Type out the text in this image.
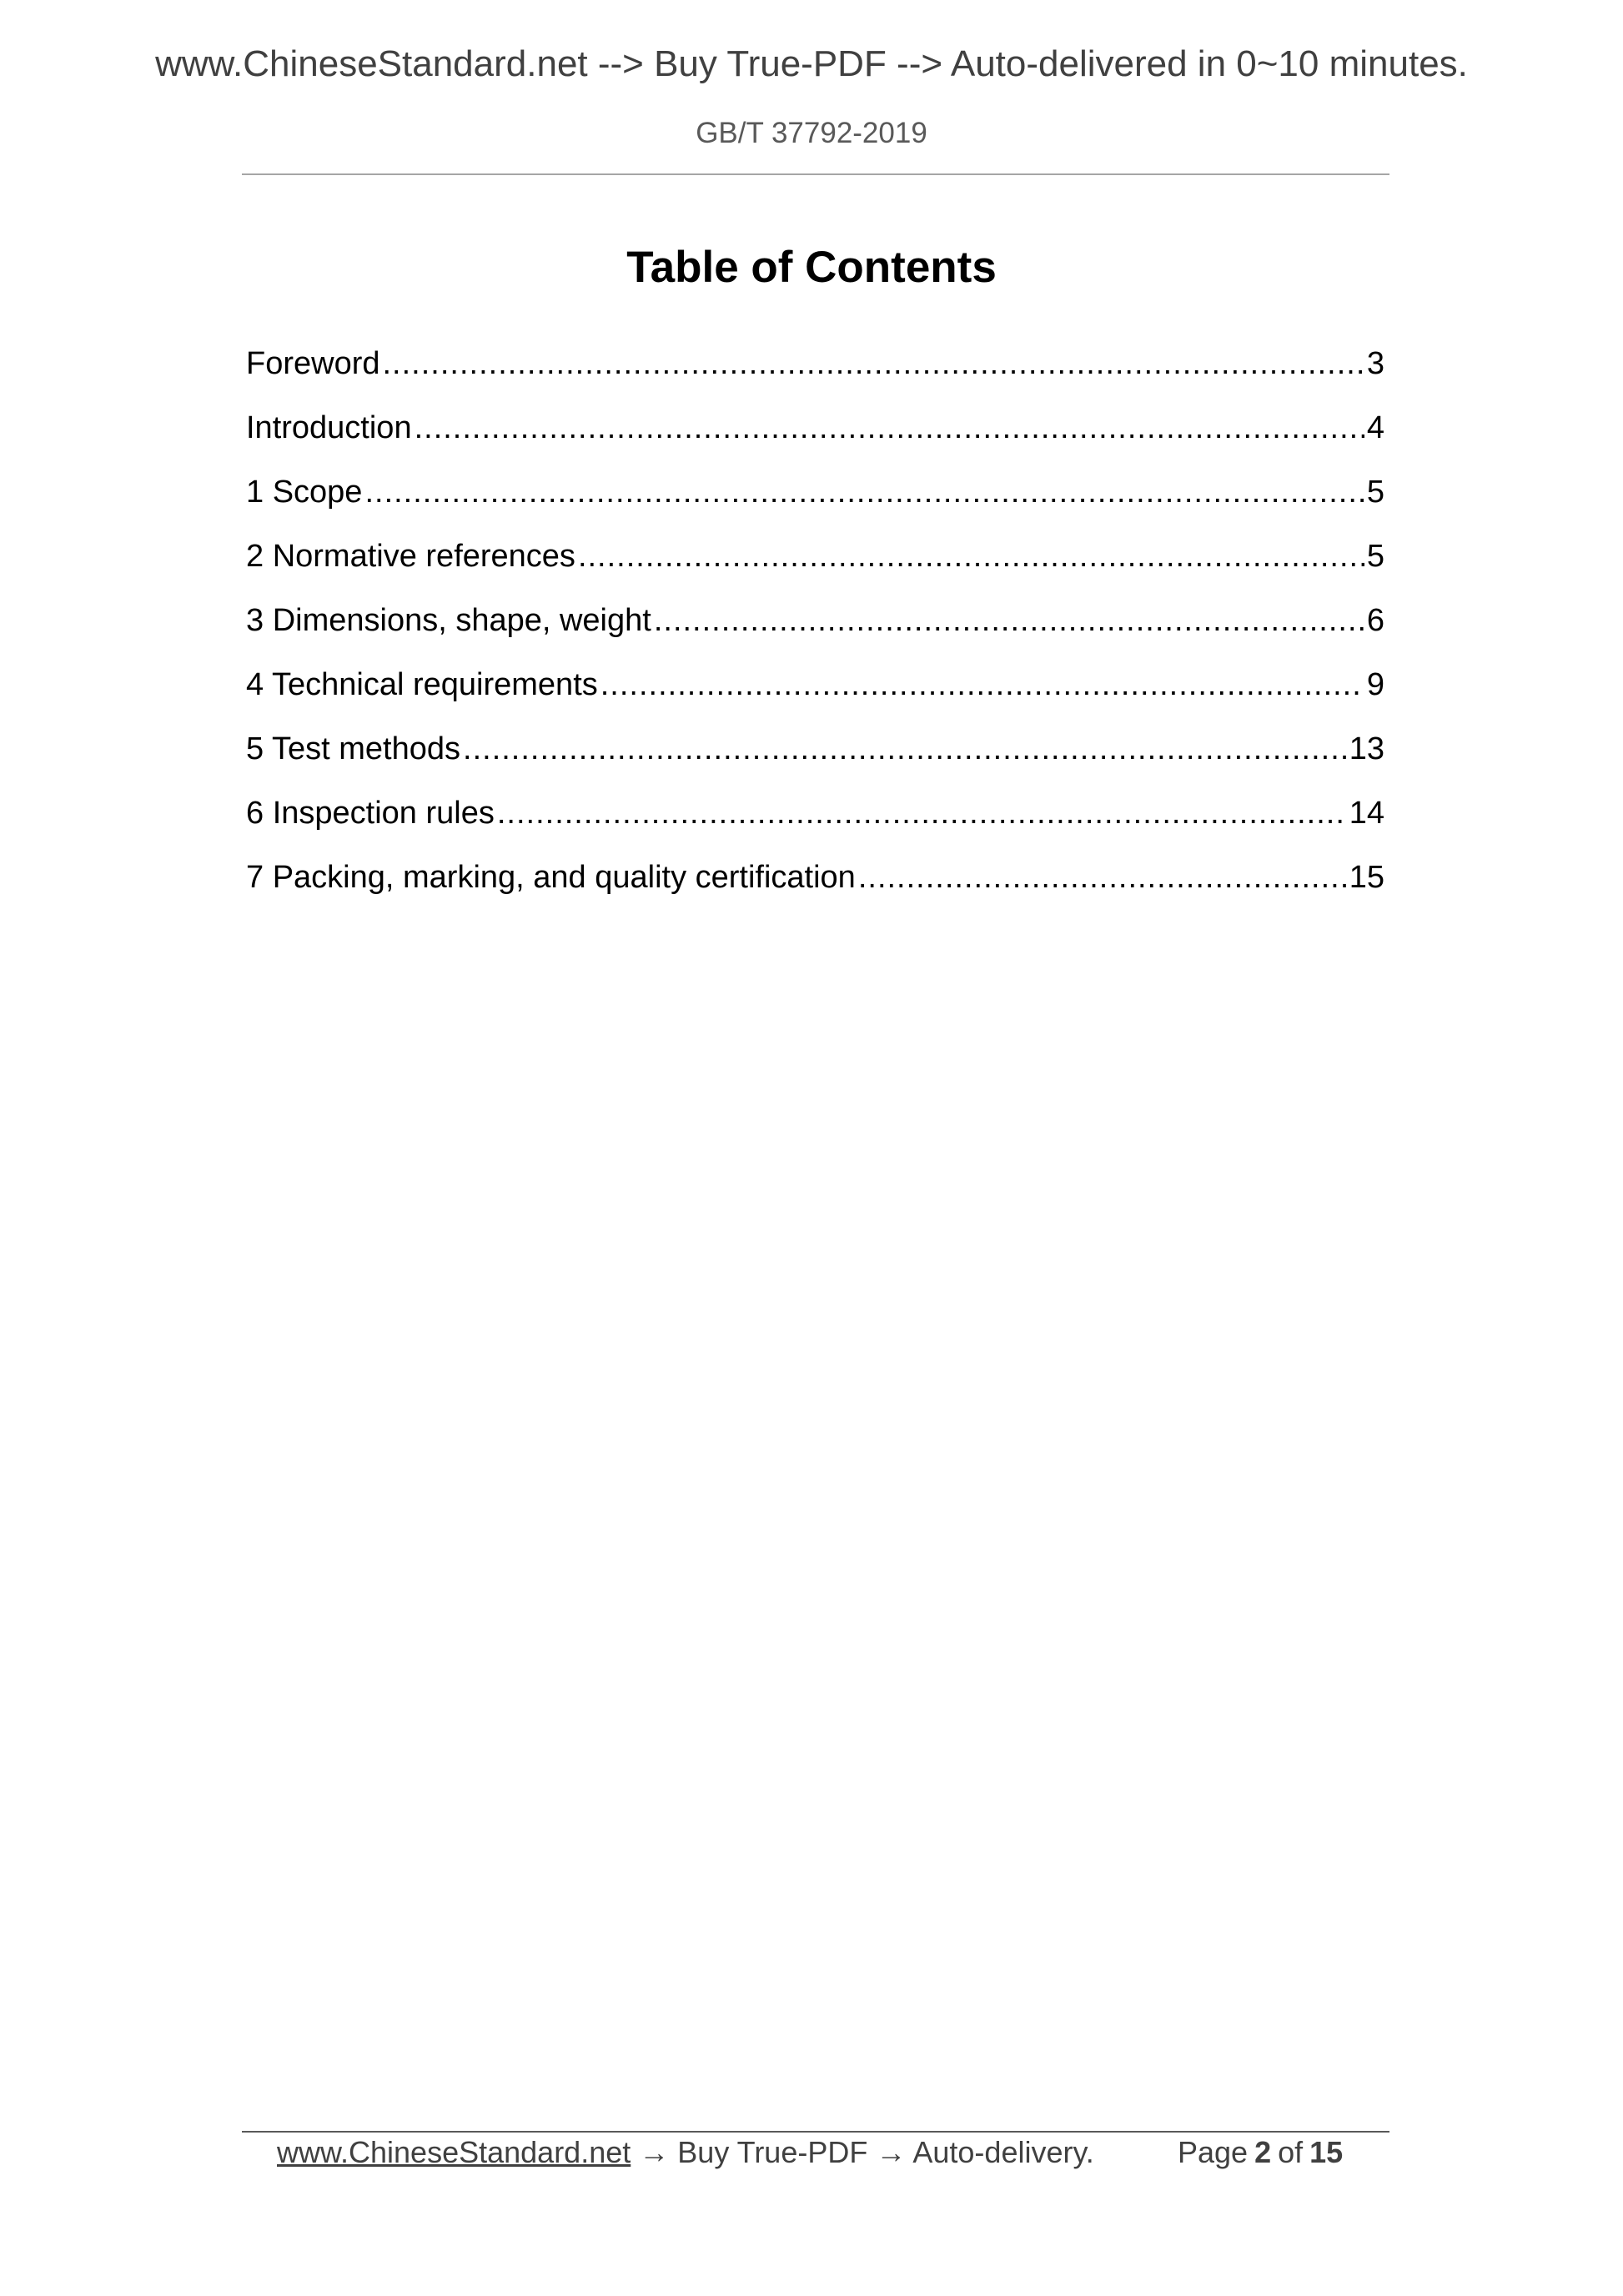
www.ChineseStandard.net --> Buy True-PDF --> Auto-delivered in 0~10 minutes.
GB/T 37792-2019
Table of Contents
Foreword .....	3
Introduction .....	4
1 Scope .....	5
2 Normative references .....	5
3 Dimensions, shape, weight .....	6
4 Technical requirements .....	9
5 Test methods .....	13
6 Inspection rules .....	14
7 Packing, marking, and quality certification .....	15
www.ChineseStandard.net → Buy True-PDF → Auto-delivery.	Page 2 of 15
